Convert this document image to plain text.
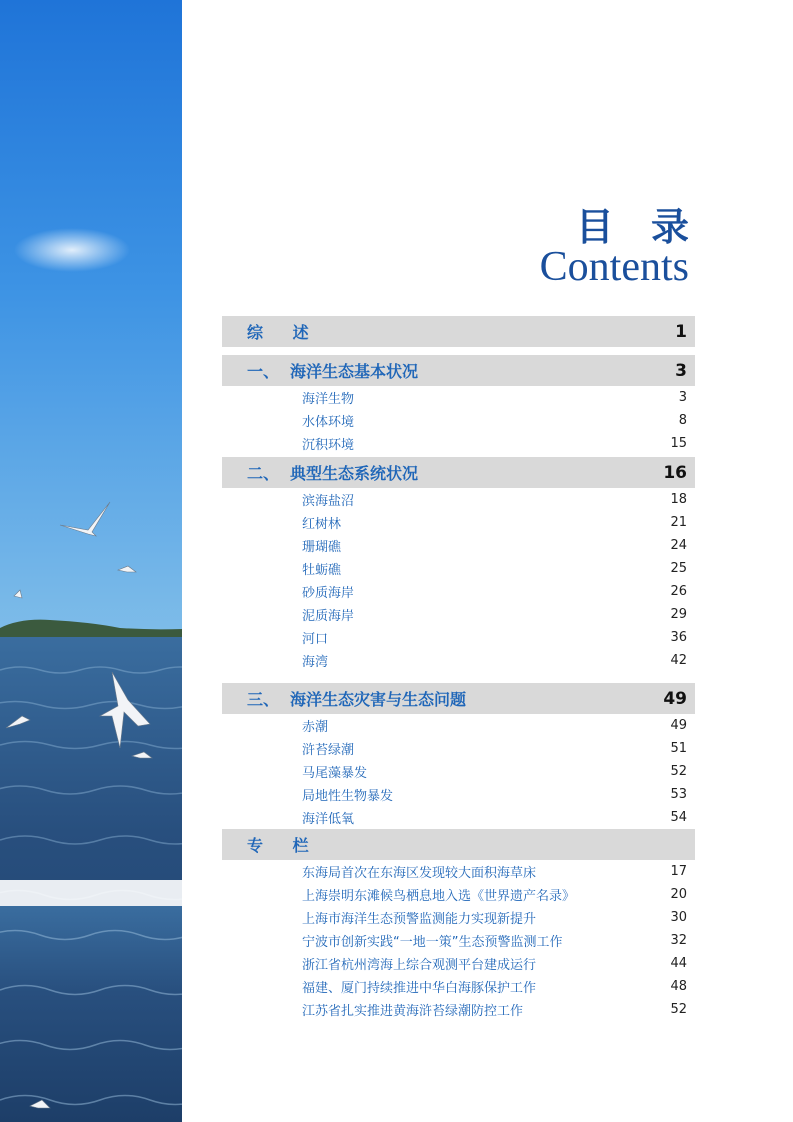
目 录
Contents
综 述	1
一、 海洋生态基本状况	3
海洋生物	3
水体环境	8
沉积环境	15
二、 典型生态系统状况	16
滨海盐沼	18
红树林	21
珊瑚礁	24
牡蛎礁	25
砂质海岸	26
泥质海岸	29
河口	36
海湾	42
三、 海洋生态灾害与生态问题	49
赤潮	49
浒苔绿潮	51
马尾藻暴发	52
局地性生物暴发	53
海洋低氧	54
专 栏
东海局首次在东海区发现较大面积海草床	17
上海崇明东滩候鸟栖息地入选《世界遗产名录》	20
上海市海洋生态预警监测能力实现新提升	30
宁波市创新实践“一地一策”生态预警监测工作	32
浙江省杭州湾海上综合观测平台建成运行	44
福建、厦门持续推进中华白海豚保护工作	48
江苏省扎实推进黄海浒苔绿潮防控工作	52
